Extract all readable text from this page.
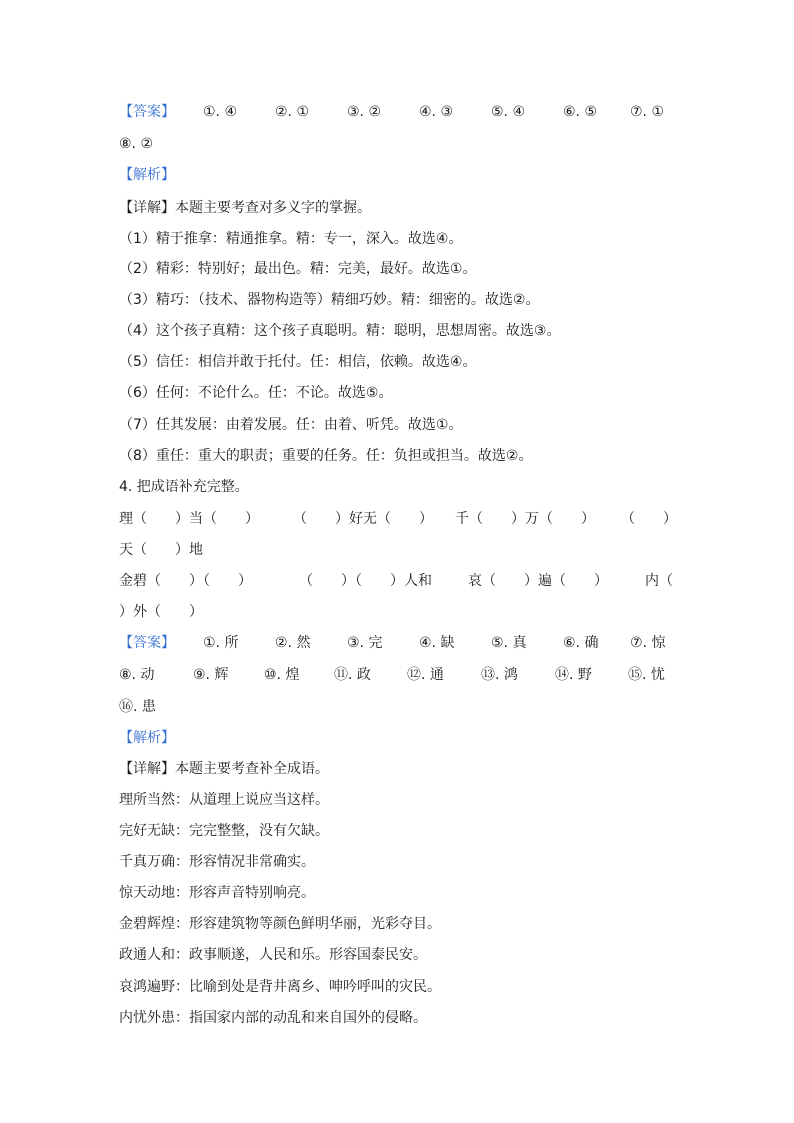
【答案】 ①. ④	②. ①	③. ②	④. ③	⑤. ④	⑥. ⑤ ⑦. ①
⑧. ②
【解析】
【详解】本题主要考查对多义字的掌握。
（1）精于推拿：精通推拿。精：专一，深入。故选④。
（2）精彩：特别好；最出色。精：完美，最好。故选①。
（3）精巧：（技术、器物构造等）精细巧妙。精：细密的。故选②。
（4）这个孩子真精：这个孩子真聪明。精：聪明，思想周密。故选③。
（5）信任：相信并敢于托付。任：相信，依赖。故选④。
（6）任何：不论什么。任：不论。故选⑤。
（7）任其发展：由着发展。任：由着、听凭。故选①。
（8）重任：重大的职责；重要的任务。任：负担或担当。故选②。
4. 把成语补充完整。
理（　　）当（　　） （　　）好无（　　） 千（　　）万（　　） （　　）
天（　　）地
金碧（　　）（　　）	（　　）（　　）人和	哀（　　）遍（　　）	内（
）外（　　）
【答案】 ①. 所	②. 然	③. 完	④. 缺	⑤. 真	⑥. 确 ⑦. 惊
⑧. 动	⑨. 辉	⑩. 煌 ⑪. 政	⑫. 通	⑬. 鸿	⑭. 野	⑮. 忧
⑯. 患
【解析】
【详解】本题主要考查补全成语。
理所当然：从道理上说应当这样。
完好无缺：完完整整，没有欠缺。
千真万确：形容情况非常确实。
惊天动地：形容声音特别响亮。
金碧辉煌：形容建筑物等颜色鲜明华丽，光彩夺目。
政通人和：政事顺遂，人民和乐。形容国泰民安。
哀鸿遍野：比喻到处是背井离乡、呻吟呼叫的灾民。
内忧外患：指国家内部的动乱和来自国外的侵略。
